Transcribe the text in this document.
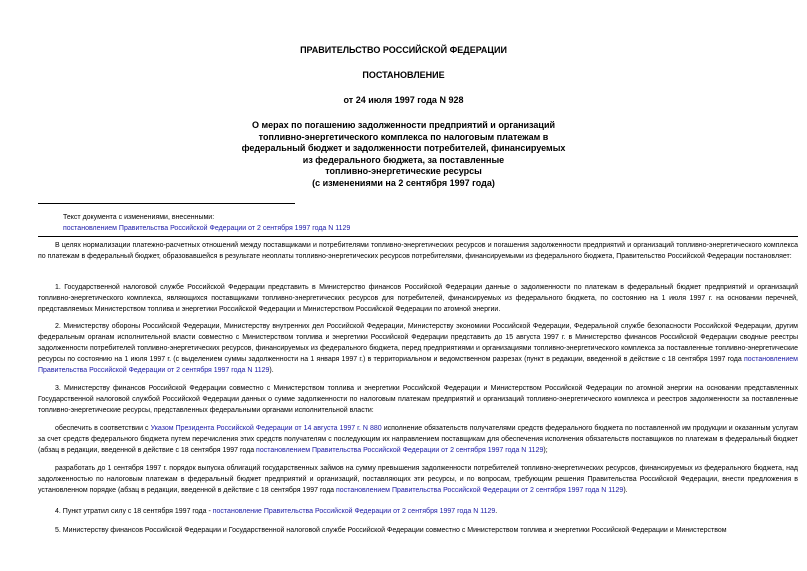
ПРАВИТЕЛЬСТВО РОССИЙСКОЙ ФЕДЕРАЦИИ
ПОСТАНОВЛЕНИЕ
от 24 июля 1997 года N 928
О мерах по погашению задолженности предприятий и организаций
топливно-энергетического комплекса по налоговым платежам в
федеральный бюджет и задолженности потребителей, финансируемых
из федерального бюджета, за поставленные
топливно-энергетические ресурсы
(с изменениями на 2 сентября 1997 года)
Текст документа с изменениями, внесенными:
постановлением Правительства Российской Федерации от 2 сентября 1997 года N 1129
В целях нормализации платежно-расчетных отношений между поставщиками и потребителями топливно-энергетических ресурсов и погашения задолженности предприятий и организаций топливно-энергетического комплекса по платежам в федеральный бюджет, образовавшейся в результате неоплаты топливно-энергетических ресурсов потребителями, финансируемыми из федерального бюджета, Правительство Российской Федерации постановляет:
1. Государственной налоговой службе Российской Федерации представить в Министерство финансов Российской Федерации данные о задолженности по платежам в федеральный бюджет предприятий и организаций топливно-энергетического комплекса, являющихся поставщиками топливно-энергетических ресурсов для потребителей, финансируемых из федерального бюджета, по состоянию на 1 июля 1997 г. на основании перечней, представляемых Министерством топлива и энергетики Российской Федерации и Министерством Российской Федерации по атомной энергии.
2. Министерству обороны Российской Федерации, Министерству внутренних дел Российской Федерации, Министерству экономики Российской Федерации, Федеральной службе безопасности Российской Федерации, другим федеральным органам исполнительной власти совместно с Министерством топлива и энергетики Российской Федерации представить до 15 августа 1997 г. в Министерство финансов Российской Федерации сводные реестры задолженности потребителей топливно-энергетических ресурсов, финансируемых из федерального бюджета, перед предприятиями и организациями топливно-энергетического комплекса за поставленные топливно-энергетические ресурсы по состоянию на 1 июля 1997 г. (с выделением суммы задолженности на 1 января 1997 г.) в территориальном и ведомственном разрезах (пункт в редакции, введенной в действие с 18 сентября 1997 года постановлением Правительства Российской Федерации от 2 сентября 1997 года N 1129).
3. Министерству финансов Российской Федерации совместно с Министерством топлива и энергетики Российской Федерации и Министерством Российской Федерации по атомной энергии на основании представленных Государственной налоговой службой Российской Федерации данных о сумме задолженности по налоговым платежам предприятий и организаций топливно-энергетического комплекса и реестров задолженности за поставленные топливно-энергетические ресурсы, представленных федеральными органами исполнительной власти:
обеспечить в соответствии с Указом Президента Российской Федерации от 14 августа 1997 г. N 880 исполнение обязательств получателями средств федерального бюджета по поставленной им продукции и оказанным услугам за счет средств федерального бюджета путем перечисления этих средств получателям с последующим их направлением поставщикам для обеспечения исполнения обязательств поставщиков по платежам в федеральный бюджет (абзац в редакции, введенной в действие с 18 сентября 1997 года постановлением Правительства Российской Федерации от 2 сентября 1997 года N 1129);
разработать до 1 сентября 1997 г. порядок выпуска облигаций государственных займов на сумму превышения задолженности потребителей топливно-энергетических ресурсов, финансируемых из федерального бюджета, над задолженностью по налоговым платежам в федеральный бюджет предприятий и организаций, поставляющих эти ресурсы, и по вопросам, требующим решения Правительства Российской Федерации, внести предложения в установленном порядке (абзац в редакции, введенной в действие с 18 сентября 1997 года постановлением Правительства Российской Федерации от 2 сентября 1997 года N 1129).
4. Пункт утратил силу с 18 сентября 1997 года - постановление Правительства Российской Федерации от 2 сентября 1997 года N 1129.
5. Министерству финансов Российской Федерации и Государственной налоговой службе Российской Федерации совместно с Министерством топлива и энергетики Российской Федерации и Министерством
